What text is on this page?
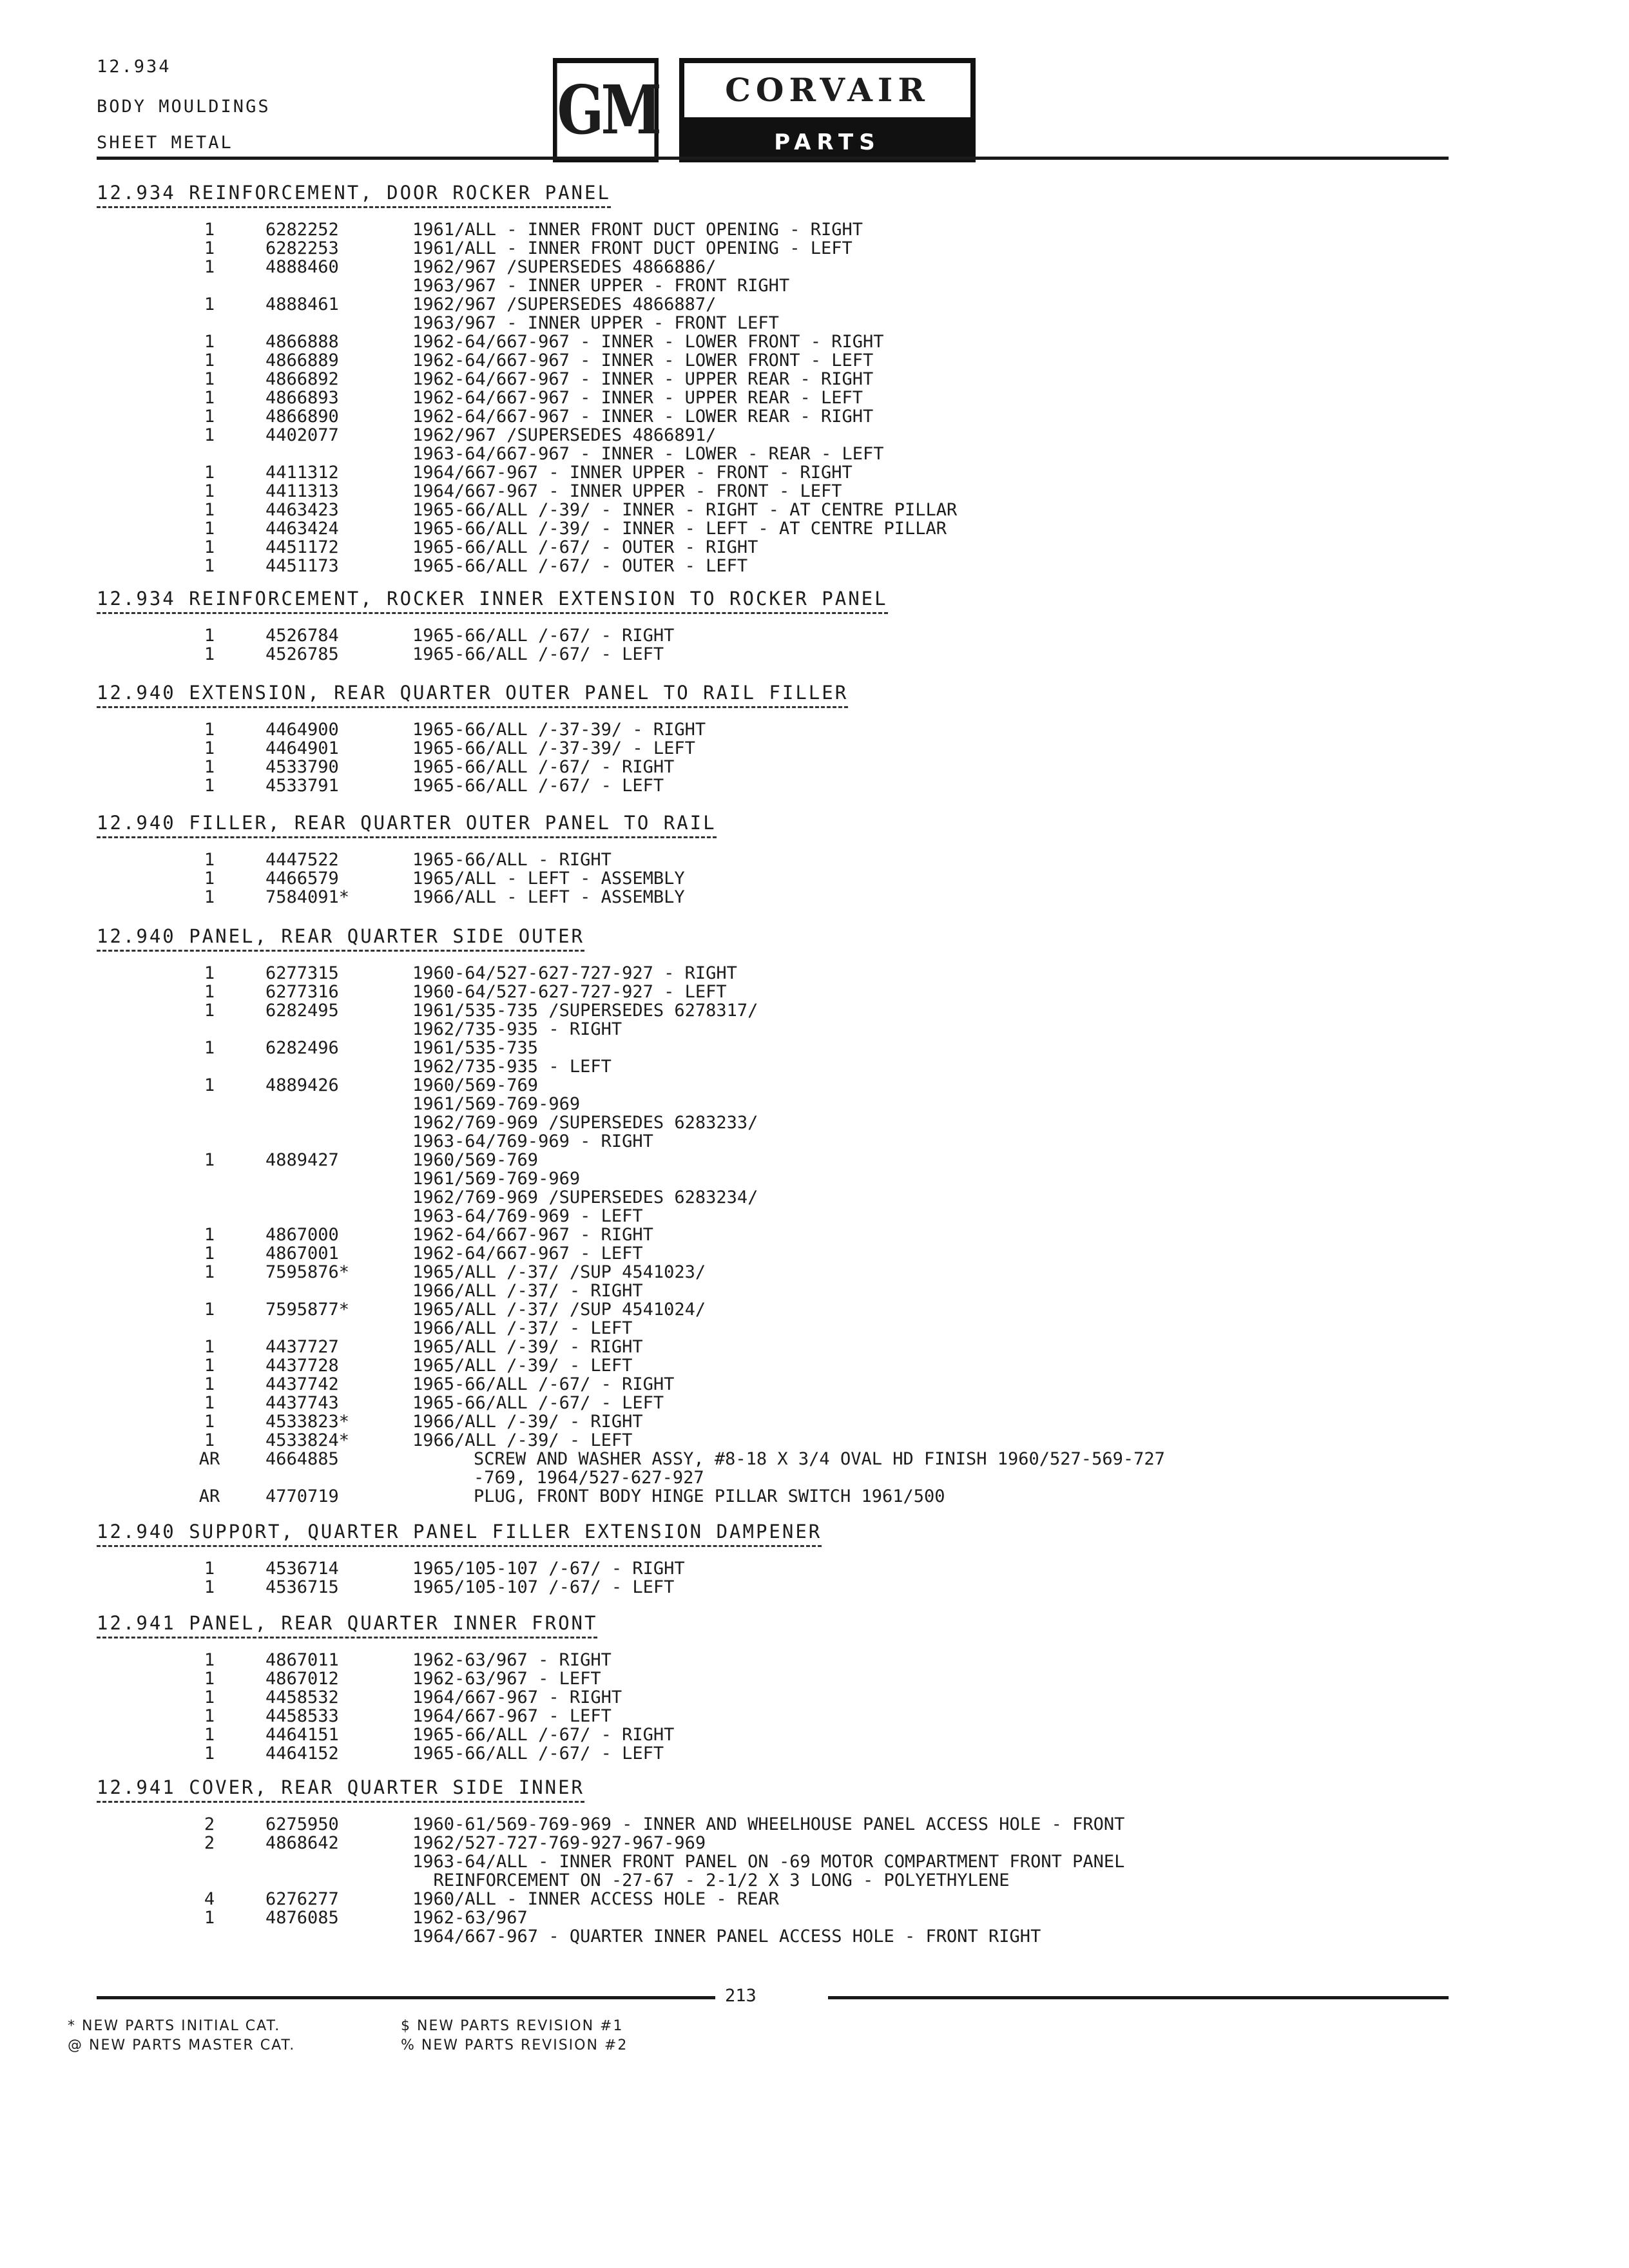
12.934
BODY MOULDINGS
SHEET METAL	GM	CORVAIR
PARTS CATALOGUE
12.934 REINFORCEMENT, DOOR ROCKER PANEL
1	6282252	1961/ALL - INNER FRONT DUCT OPENING - RIGHT
1	6282253	1961/ALL - INNER FRONT DUCT OPENING - LEFT
1	4888460	1962/967 /SUPERSEDES 4866886/
1963/967 - INNER UPPER - FRONT RIGHT
1	4888461	1962/967 /SUPERSEDES 4866887/
1963/967 - INNER UPPER - FRONT LEFT
1	4866888	1962-64/667-967 - INNER - LOWER FRONT - RIGHT
1	4866889	1962-64/667-967 - INNER - LOWER FRONT - LEFT
1	4866892	1962-64/667-967 - INNER - UPPER REAR - RIGHT
1	4866893	1962-64/667-967 - INNER - UPPER REAR - LEFT
1	4866890	1962-64/667-967 - INNER - LOWER REAR - RIGHT
1	4402077	1962/967 /SUPERSEDES 4866891/
1963-64/667-967 - INNER - LOWER - REAR - LEFT
1	4411312	1964/667-967 - INNER UPPER - FRONT - RIGHT
1	4411313	1964/667-967 - INNER UPPER - FRONT - LEFT
1	4463423	1965-66/ALL /-39/ - INNER - RIGHT - AT CENTRE PILLAR
1	4463424	1965-66/ALL /-39/ - INNER - LEFT - AT CENTRE PILLAR
1	4451172	1965-66/ALL /-67/ - OUTER - RIGHT
1	4451173	1965-66/ALL /-67/ - OUTER - LEFT
12.934 REINFORCEMENT, ROCKER INNER EXTENSION TO ROCKER PANEL
1	4526784	1965-66/ALL /-67/ - RIGHT
1	4526785	1965-66/ALL /-67/ - LEFT
12.940 EXTENSION, REAR QUARTER OUTER PANEL TO RAIL FILLER
1	4464900	1965-66/ALL /-37-39/ - RIGHT
1	4464901	1965-66/ALL /-37-39/ - LEFT
1	4533790	1965-66/ALL /-67/ - RIGHT
1	4533791	1965-66/ALL /-67/ - LEFT
12.940 FILLER, REAR QUARTER OUTER PANEL TO RAIL
1	4447522	1965-66/ALL - RIGHT
1	4466579	1965/ALL - LEFT - ASSEMBLY
1	7584091*	1966/ALL - LEFT - ASSEMBLY
12.940 PANEL, REAR QUARTER SIDE OUTER
1	6277315	1960-64/527-627-727-927 - RIGHT
1	6277316	1960-64/527-627-727-927 - LEFT
1	6282495	1961/535-735 /SUPERSEDES 6278317/
1962/735-935 - RIGHT
1	6282496	1961/535-735
1962/735-935 - LEFT
1	4889426	1960/569-769
1961/569-769-969
1962/769-969 /SUPERSEDES 6283233/
1963-64/769-969 - RIGHT
1	4889427	1960/569-769
1961/569-769-969
1962/769-969 /SUPERSEDES 6283234/
1963-64/769-969 - LEFT
1	4867000	1962-64/667-967 - RIGHT
1	4867001	1962-64/667-967 - LEFT
1	7595876*	1965/ALL /-37/ /SUP 4541023/
1966/ALL /-37/ - RIGHT
1	7595877*	1965/ALL /-37/ /SUP 4541024/
1966/ALL /-37/ - LEFT
1	4437727	1965/ALL /-39/ - RIGHT
1	4437728	1965/ALL /-39/ - LEFT
1	4437742	1965-66/ALL /-67/ - RIGHT
1	4437743	1965-66/ALL /-67/ - LEFT
1	4533823*	1966/ALL /-39/ - RIGHT
1	4533824*	1966/ALL /-39/ - LEFT
AR	4664885	SCREW AND WASHER ASSY, #8-18 X 3/4 OVAL HD FINISH 1960/527-569-727
-769, 1964/527-627-927
AR	4770719	PLUG, FRONT BODY HINGE PILLAR SWITCH 1961/500
12.940 SUPPORT, QUARTER PANEL FILLER EXTENSION DAMPENER
1	4536714	1965/105-107 /-67/ - RIGHT
1	4536715	1965/105-107 /-67/ - LEFT
12.941 PANEL, REAR QUARTER INNER FRONT
1	4867011	1962-63/967 - RIGHT
1	4867012	1962-63/967 - LEFT
1	4458532	1964/667-967 - RIGHT
1	4458533	1964/667-967 - LEFT
1	4464151	1965-66/ALL /-67/ - RIGHT
1	4464152	1965-66/ALL /-67/ - LEFT
12.941 COVER, REAR QUARTER SIDE INNER
2	6275950	1960-61/569-769-969 - INNER AND WHEELHOUSE PANEL ACCESS HOLE - FRONT
2	4868642	1962/527-727-769-927-967-969
1963-64/ALL - INNER FRONT PANEL ON -69 MOTOR COMPARTMENT FRONT PANEL
REINFORCEMENT ON -27-67 - 2-1/2 X 3 LONG - POLYETHYLENE
4	6276277	1960/ALL - INNER ACCESS HOLE - REAR
1	4876085	1962-63/967
1964/667-967 - QUARTER INNER PANEL ACCESS HOLE - FRONT RIGHT
213
* NEW PARTS INITIAL CAT.	$ NEW PARTS REVISION #1
@ NEW PARTS MASTER CAT.	% NEW PARTS REVISION #2
